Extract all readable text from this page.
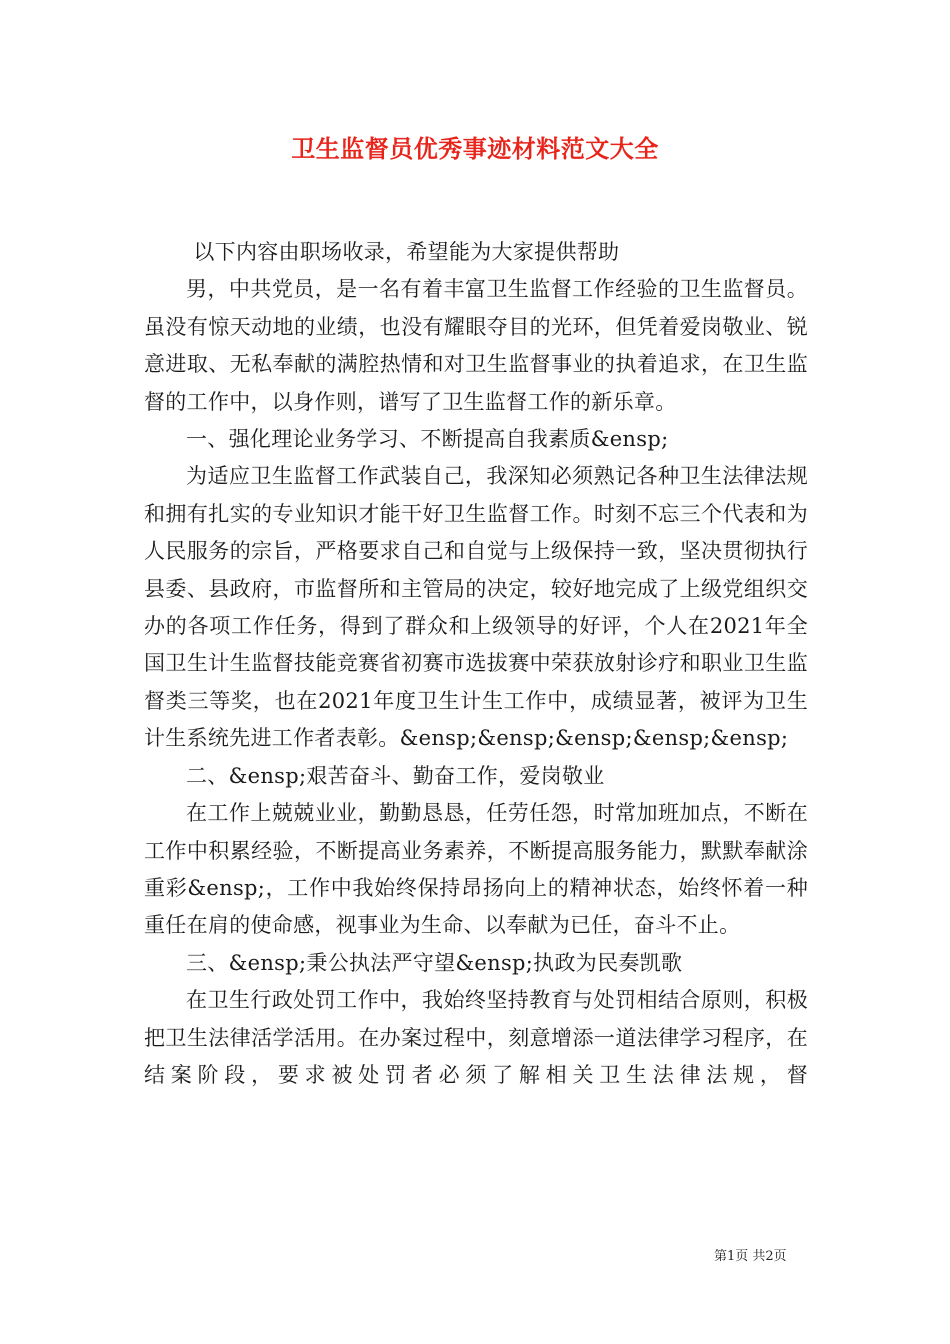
卫生监督员优秀事迹材料范文大全

以下内容由职场收录，希望能为大家提供帮助

男，中共党员，是一名有着丰富卫生监督工作经验的卫生监督员。虽没有惊天动地的业绩，也没有耀眼夺目的光环，但凭着爱岗敬业、锐意进取、无私奉献的满腔热情和对卫生监督事业的执着追求，在卫生监督的工作中，以身作则，谱写了卫生监督工作的新乐章。

一、强化理论业务学习、不断提高自我素质&ensp;

为适应卫生监督工作武装自己，我深知必须熟记各种卫生法律法规和拥有扎实的专业知识才能干好卫生监督工作。时刻不忘三个代表和为人民服务的宗旨，严格要求自己和自觉与上级保持一致，坚决贯彻执行县委、县政府，市监督所和主管局的决定，较好地完成了上级党组织交办的各项工作任务，得到了群众和上级领导的好评，个人在2021年全国卫生计生监督技能竞赛省初赛市选拔赛中荣获放射诊疗和职业卫生监督类三等奖，也在2021年度卫生计生工作中，成绩显著，被评为卫生计生系统先进工作者表彰。&ensp;&ensp;&ensp;&ensp;&ensp;

二、&ensp;艰苦奋斗、勤奋工作，爱岗敬业

在工作上兢兢业业，勤勤恳恳，任劳任怨，时常加班加点，不断在工作中积累经验，不断提高业务素养，不断提高服务能力，默默奉献涂重彩&ensp;，工作中我始终保持昂扬向上的精神状态，始终怀着一种重任在肩的使命感，视事业为生命、以奉献为已任，奋斗不止。

三、&ensp;秉公执法严守望&ensp;执政为民奏凯歌

在卫生行政处罚工作中，我始终坚持教育与处罚相结合原则，积极把卫生法律活学活用。在办案过程中，刻意增添一道法律学习程序，在结案阶段，要求被处罚者必须了解相关卫生法律法规，督

第1页 共2页
